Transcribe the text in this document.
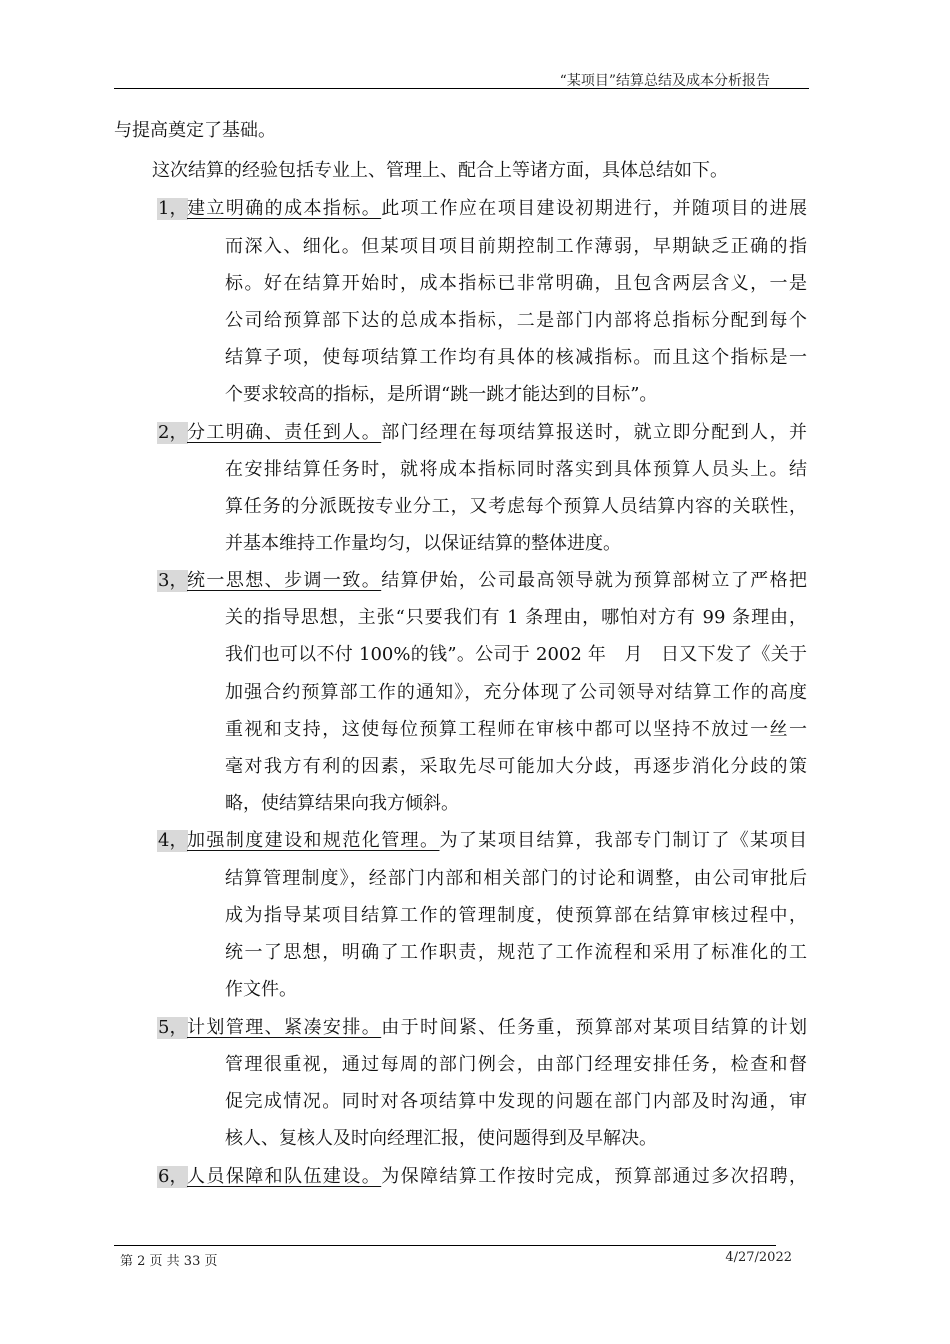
“某项目”结算总结及成本分析报告
与提高奠定了基础。
这次结算的经验包括专业上、管理上、配合上等诸方面，具体总结如下。
1， 建立明确的成本指标。此项工作应在项目建设初期进行，并随项目的进展
而深入、细化。但某项目项目前期控制工作薄弱，早期缺乏正确的指
标。好在结算开始时，成本指标已非常明确，且包含两层含义，一是
公司给预算部下达的总成本指标，二是部门内部将总指标分配到每个
结算子项，使每项结算工作均有具体的核减指标。而且这个指标是一
个要求较高的指标，是所谓“跳一跳才能达到的目标”。
2， 分工明确、责任到人。部门经理在每项结算报送时，就立即分配到人，并
在安排结算任务时，就将成本指标同时落实到具体预算人员头上。结
算任务的分派既按专业分工，又考虑每个预算人员结算内容的关联性，
并基本维持工作量均匀，以保证结算的整体进度。
3， 统一思想、步调一致。结算伊始，公司最高领导就为预算部树立了严格把
关的指导思想，主张“只要我们有 1 条理由，哪怕对方有 99 条理由，
我们也可以不付 100%的钱”。公司于 2002 年　月　日又下发了《关于
加强合约预算部工作的通知》，充分体现了公司领导对结算工作的高度
重视和支持，这使每位预算工程师在审核中都可以坚持不放过一丝一
毫对我方有利的因素，采取先尽可能加大分歧，再逐步消化分歧的策
略，使结算结果向我方倾斜。
4， 加强制度建设和规范化管理。为了某项目结算，我部专门制订了《某项目
结算管理制度》，经部门内部和相关部门的讨论和调整，由公司审批后
成为指导某项目结算工作的管理制度，使预算部在结算审核过程中，
统一了思想，明确了工作职责，规范了工作流程和采用了标准化的工
作文件。
5， 计划管理、紧凑安排。由于时间紧、任务重，预算部对某项目结算的计划
管理很重视，通过每周的部门例会，由部门经理安排任务，检查和督
促完成情况。同时对各项结算中发现的问题在部门内部及时沟通，审
核人、复核人及时向经理汇报，使问题得到及早解决。
6， 人员保障和队伍建设。为保障结算工作按时完成，预算部通过多次招聘，
第 2 页 共 33 页	4/27/2022
